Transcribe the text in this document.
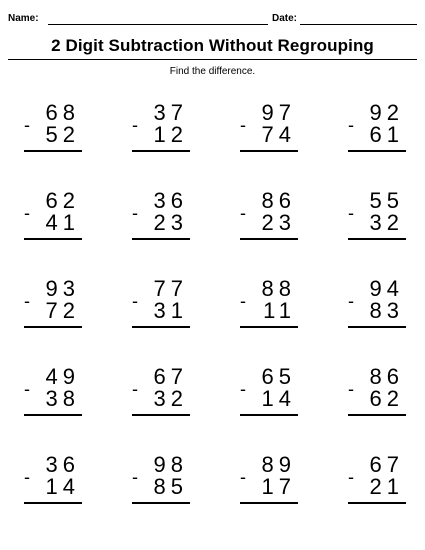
Name:	Date:
2 Digit Subtraction Without Regrouping
Find the difference.
68
- 52
37
- 12
97
- 74
92
- 61
62
- 41
36
- 23
86
- 23
55
- 32
93
- 72
77
- 31
88
- 11
94
- 83
49
- 38
67
- 32
65
- 14
86
- 62
36
- 14
98
- 85
89
- 17
67
- 21
